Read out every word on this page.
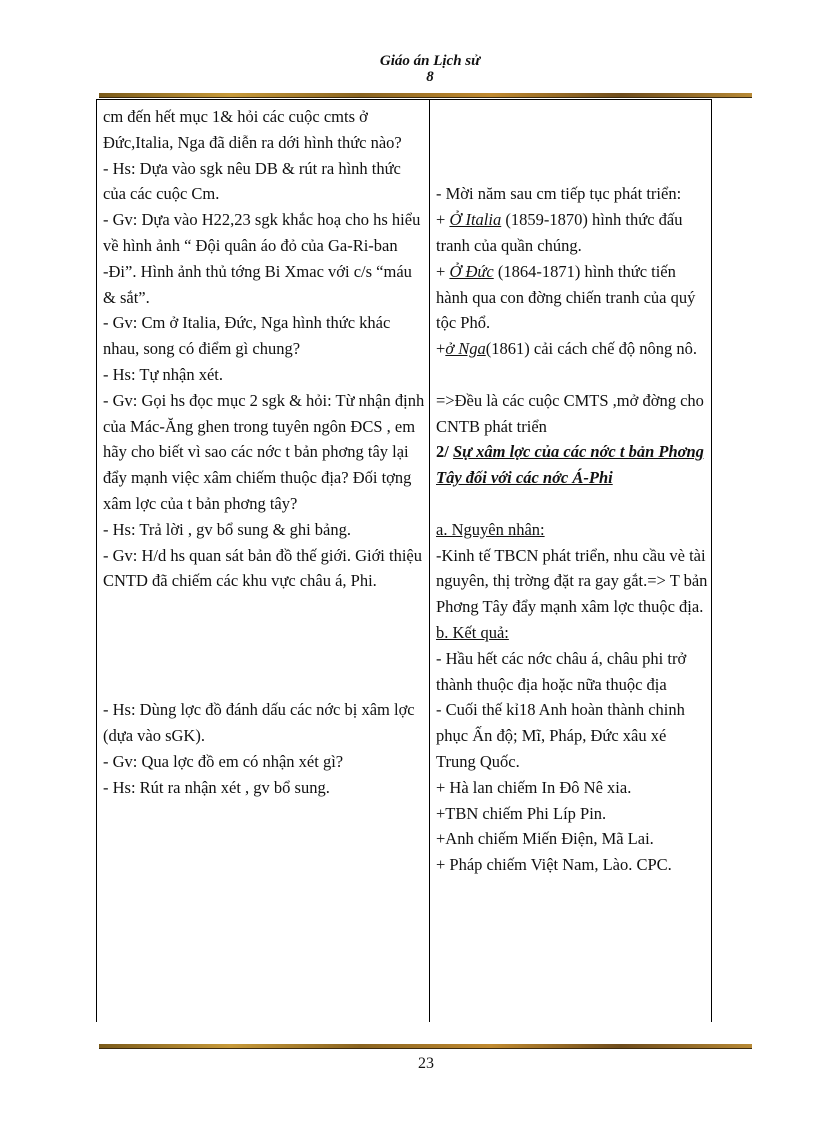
Giáo án Lịch sử
8

cm đến hết mục 1& hỏi các cuộc cmts ở Đức,Italia, Nga đã diễn ra dới hình thức nào?

- Hs: Dựa vào sgk nêu DB & rút ra hình thức của các cuộc Cm.

- Gv: Dựa vào H22,23 sgk khắc hoạ cho hs hiểu về hình ảnh “ Đội quân áo đỏ của Ga-Ri-ban -Đi”. Hình ảnh thủ tớng Bi Xmac với c/s “máu & sắt”.

- Gv: Cm ở Italia, Đức, Nga hình thức khác nhau, song có điểm gì chung?

- Hs: Tự nhận xét.

- Gv: Gọi hs đọc mục 2 sgk & hỏi: Từ nhận định của Mác-Ăng ghen trong tuyên ngôn ĐCS , em hãy cho biết vì sao các nớc t bản phơng tây lại đẩy mạnh việc xâm chiếm thuộc địa? Đối tợng xâm lợc của t bản phơng tây?

- Hs: Trả lời , gv bổ sung & ghi bảng.

- Gv: H/d hs quan sát bản đồ thế giới. Giới thiệu CNTD đã chiếm các khu vực châu á, Phi.

- Hs: Dùng lợc đồ đánh dấu các nớc bị xâm lợc (dựa vào sGK).

- Gv: Qua lợc đồ em có nhận xét gì?

- Hs: Rút ra nhận xét , gv bổ sung.

- Mời năm sau cm tiếp tục phát triển:

+ Ở Italia (1859-1870) hình thức đấu tranh của quần chúng.

+ Ở Đức (1864-1871) hình thức tiến hành qua con đờng chiến tranh của quý tộc Phổ.

+ở Nga(1861) cải cách chế độ nông nô.

=>Đều là các cuộc CMTS ,mở đờng cho CNTB phát triển

2/ Sự xâm lợc của các nớc t bản Phơng Tây đối với các nớc Á-Phi

a. Nguyên nhân:

-Kinh tế TBCN phát triển, nhu cầu vè tài nguyên, thị trờng đặt ra gay gắt.=> T bản Phơng Tây đẩy mạnh xâm lợc thuộc địa.

b. Kết quả:

- Hầu hết các nớc châu á, châu phi trở thành thuộc địa hoặc nữa thuộc địa

- Cuối thế kỉ18 Anh hoàn thành chinh phục Ấn độ; Mĩ, Pháp, Đức xâu xé Trung Quốc.

+ Hà lan chiếm In Đô Nê xia.

+TBN chiếm Phi Líp Pin.

+Anh chiếm Miến Điện, Mã Lai.

+ Pháp chiếm Việt Nam, Lào. CPC.

23
